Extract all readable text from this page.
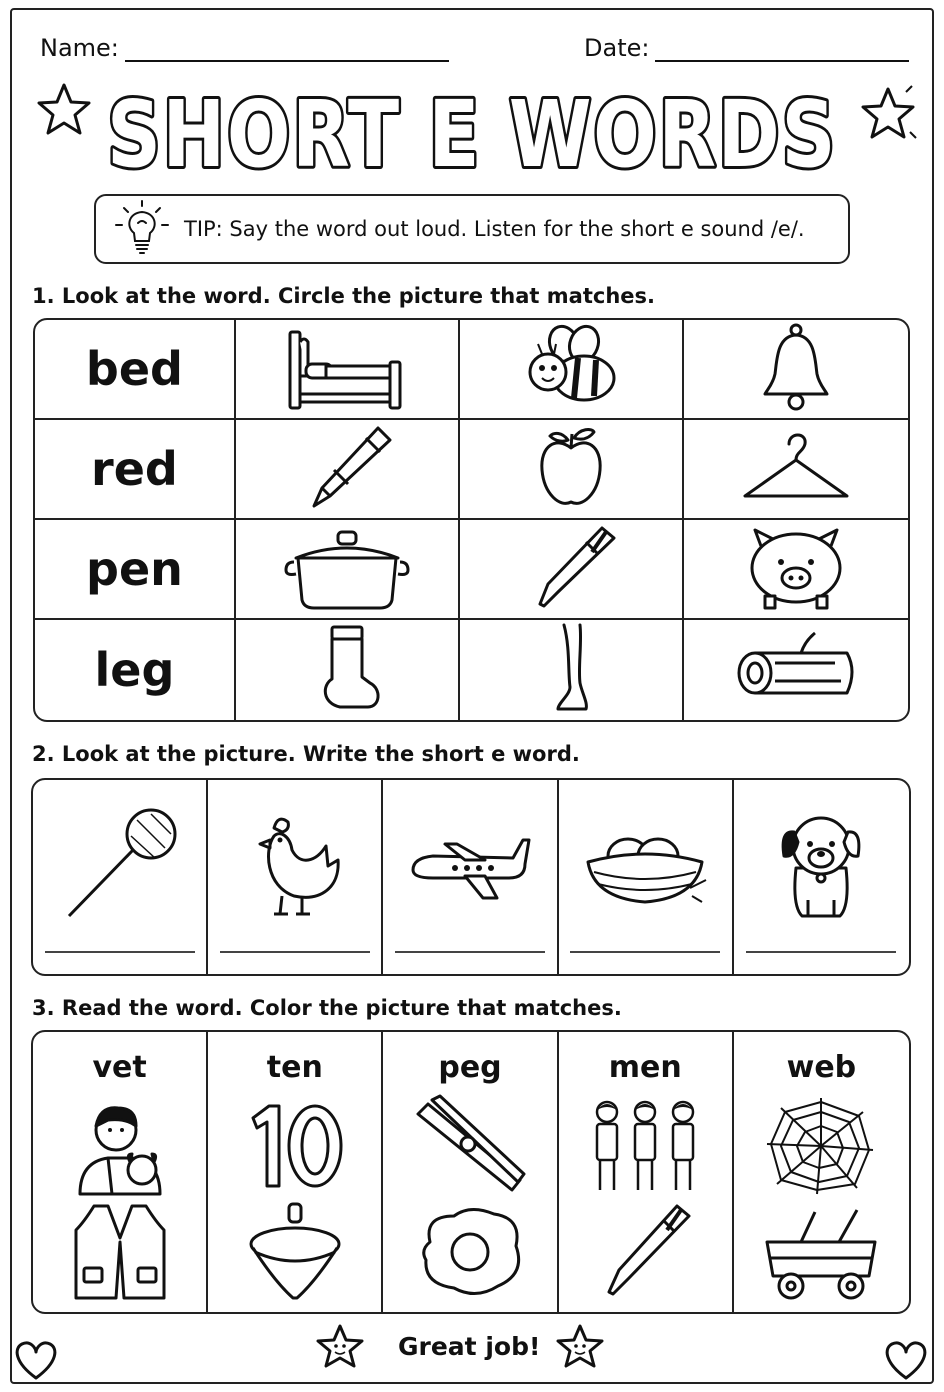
Name:	Date:
SHORT E WORDS
TIP: Say the word out loud. Listen for the short e sound /e/.
1. Look at the word. Circle the picture that matches.
bed			
red			
pen			
leg			
2. Look at the picture. Write the short e word.

3. Read the word. Color the picture that matches.
vet	ten	peg	men	web
Great job!
